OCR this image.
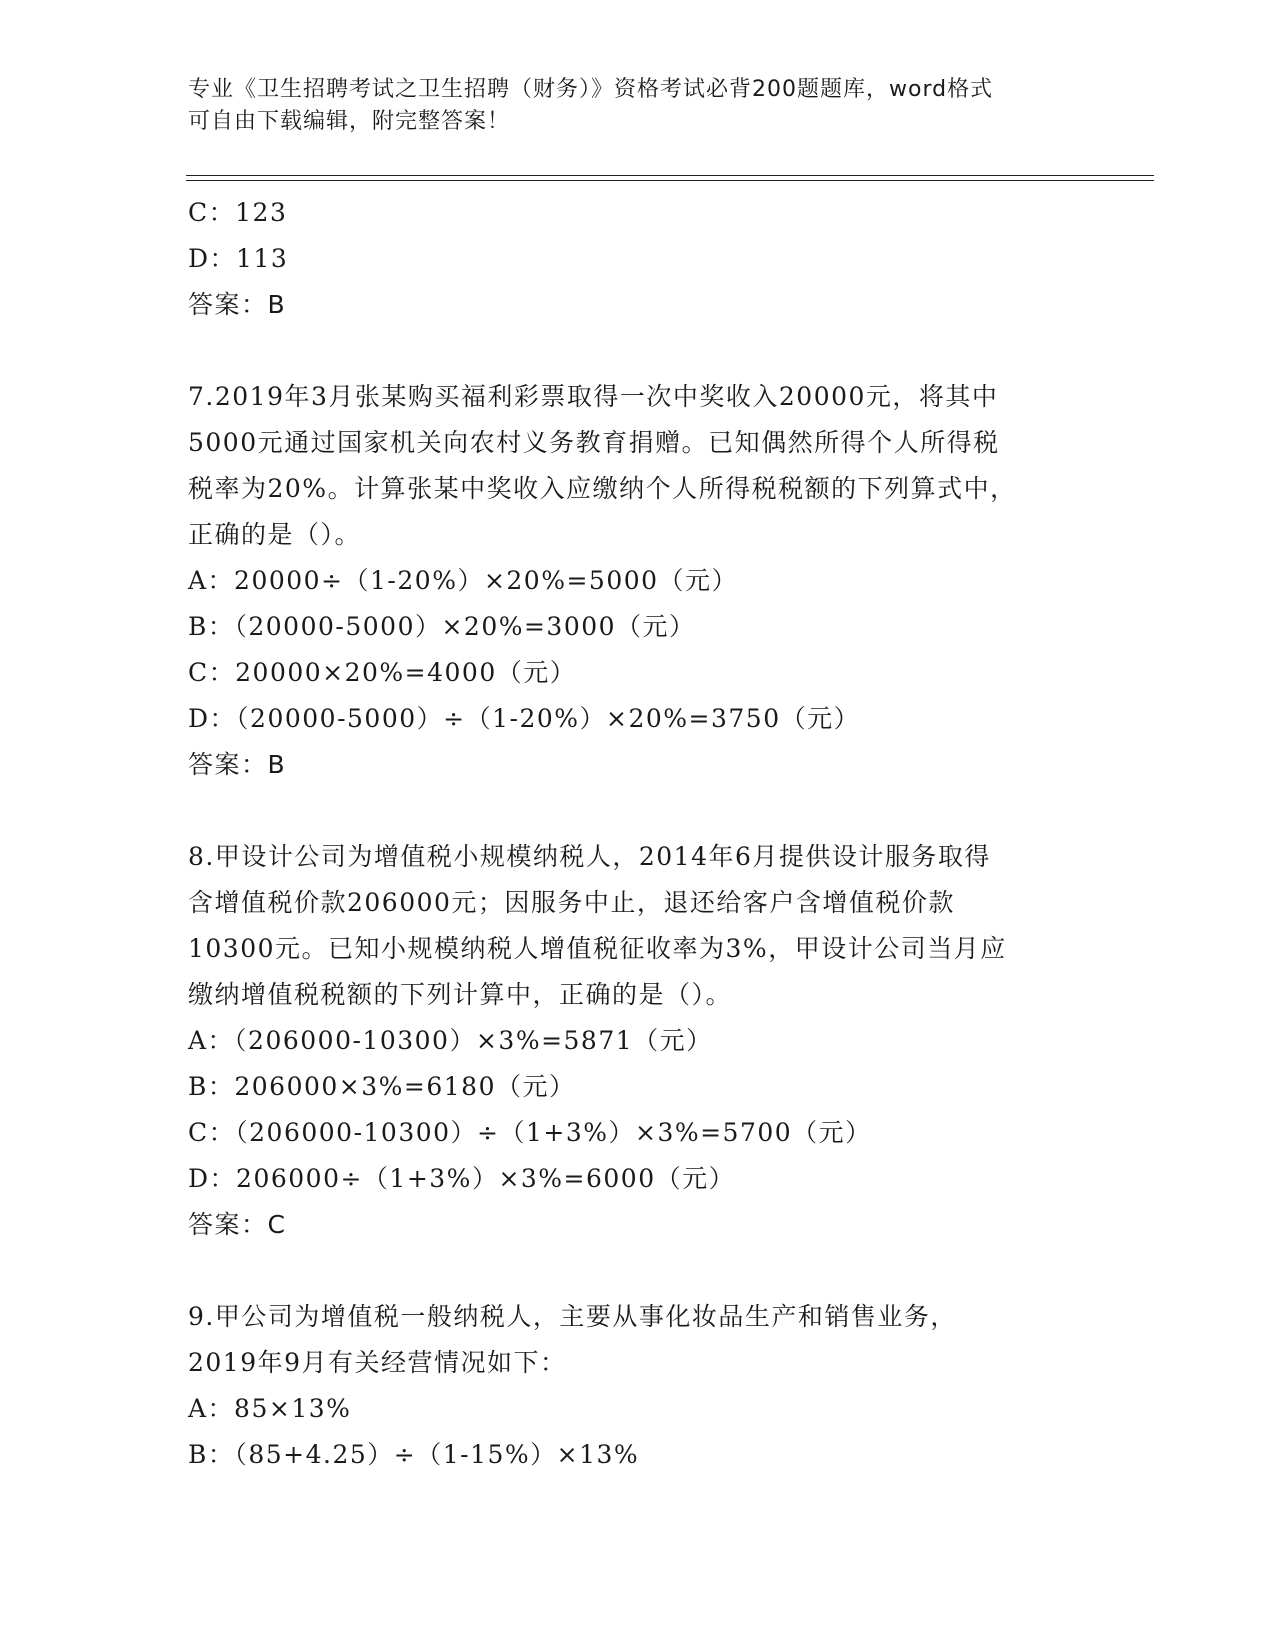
专业《卫生招聘考试之卫生招聘（财务）》资格考试必背200题题库，word格式
可自由下载编辑，附完整答案！
C：123
D：113
答案：B
7.2019年3月张某购买福利彩票取得一次中奖收入20000元，将其中
5000元通过国家机关向农村义务教育捐赠。已知偶然所得个人所得税
税率为20%。计算张某中奖收入应缴纳个人所得税税额的下列算式中，
正确的是（）。
A：20000÷（1-20%）×20%=5000（元）
B：（20000-5000）×20%=3000（元）
C：20000×20%=4000（元）
D：（20000-5000）÷（1-20%）×20%=3750（元）
答案：B
8.甲设计公司为增值税小规模纳税人，2014年6月提供设计服务取得
含增值税价款206000元；因服务中止，退还给客户含增值税价款
10300元。已知小规模纳税人增值税征收率为3%，甲设计公司当月应
缴纳增值税税额的下列计算中，正确的是（）。
A：（206000-10300）×3%=5871（元）
B：206000×3%=6180（元）
C：（206000-10300）÷（1+3%）×3%=5700（元）
D：206000÷（1+3%）×3%=6000（元）
答案：C
9.甲公司为增值税一般纳税人，主要从事化妆品生产和销售业务，
2019年9月有关经营情况如下：
A：85×13%
B：（85+4.25）÷（1-15%）×13%
